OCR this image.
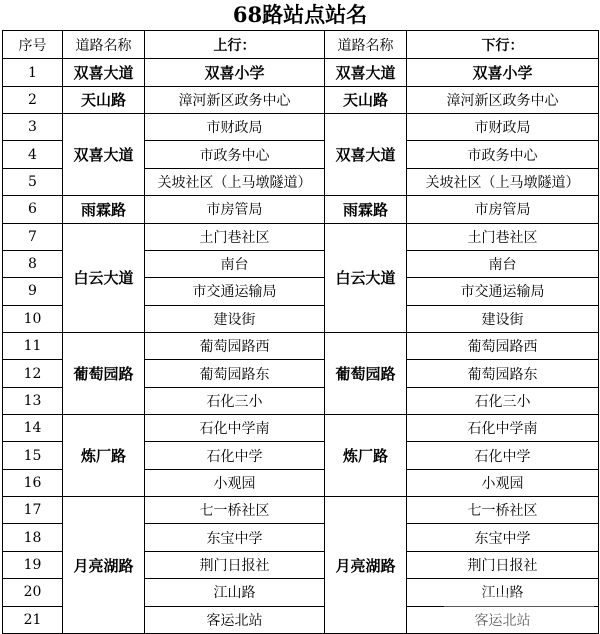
68路站点站名
序号	道路名称	上行：	道路名称	下行：
1	双喜大道	双喜小学	双喜大道	双喜小学
2	天山路	漳河新区政务中心	天山路	漳河新区政务中心
3	双喜大道	市财政局	双喜大道	市财政局
4		市政务中心		市政务中心
5		关坡社区（上马墩隧道）		关坡社区（上马墩隧道）
6	雨霖路	市房管局	雨霖路	市房管局
7	白云大道	土门巷社区	白云大道	土门巷社区
8		南台		南台
9		市交通运输局		市交通运输局
10		建设街		建设街
11	葡萄园路	葡萄园路西	葡萄园路	葡萄园路西
12		葡萄园路东		葡萄园路东
13		石化三小		石化三小
14	炼厂路	石化中学南	炼厂路	石化中学南
15		石化中学		石化中学
16		小观园		小观园
17	月亮湖路	七一桥社区	月亮湖路	七一桥社区
18		东宝中学		东宝中学
19		荆门日报社		荆门日报社
20		江山路		江山路
21		客运北站		客运北站
